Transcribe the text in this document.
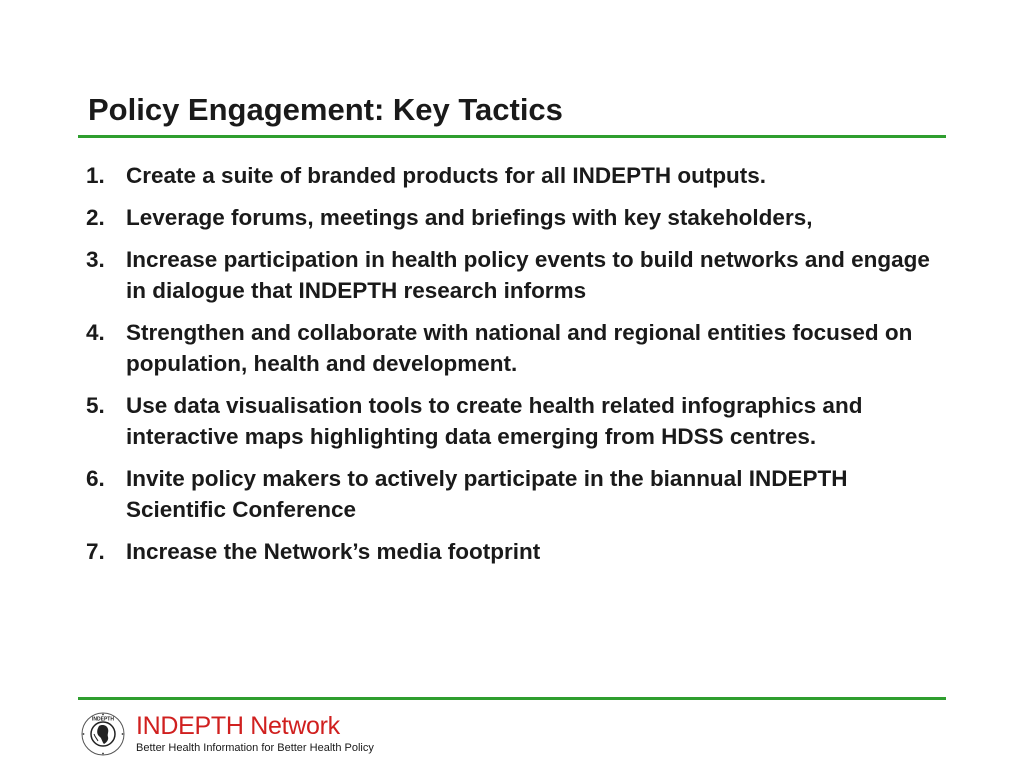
Policy Engagement: Key Tactics
1. Create a suite of branded products for all INDEPTH outputs.
2. Leverage forums, meetings and briefings with key stakeholders,
3. Increase participation in health policy events to build networks and engage in dialogue that INDEPTH research informs
4. Strengthen and collaborate with national and regional entities focused on population, health and development.
5. Use data visualisation tools to create health related infographics and interactive maps highlighting data emerging from HDSS centres.
6. Invite policy makers to actively participate in the biannual INDEPTH Scientific Conference
7. Increase the Network’s media footprint
INDEPTH INDEPTH Network
Better Health Information for Better Health Policy
